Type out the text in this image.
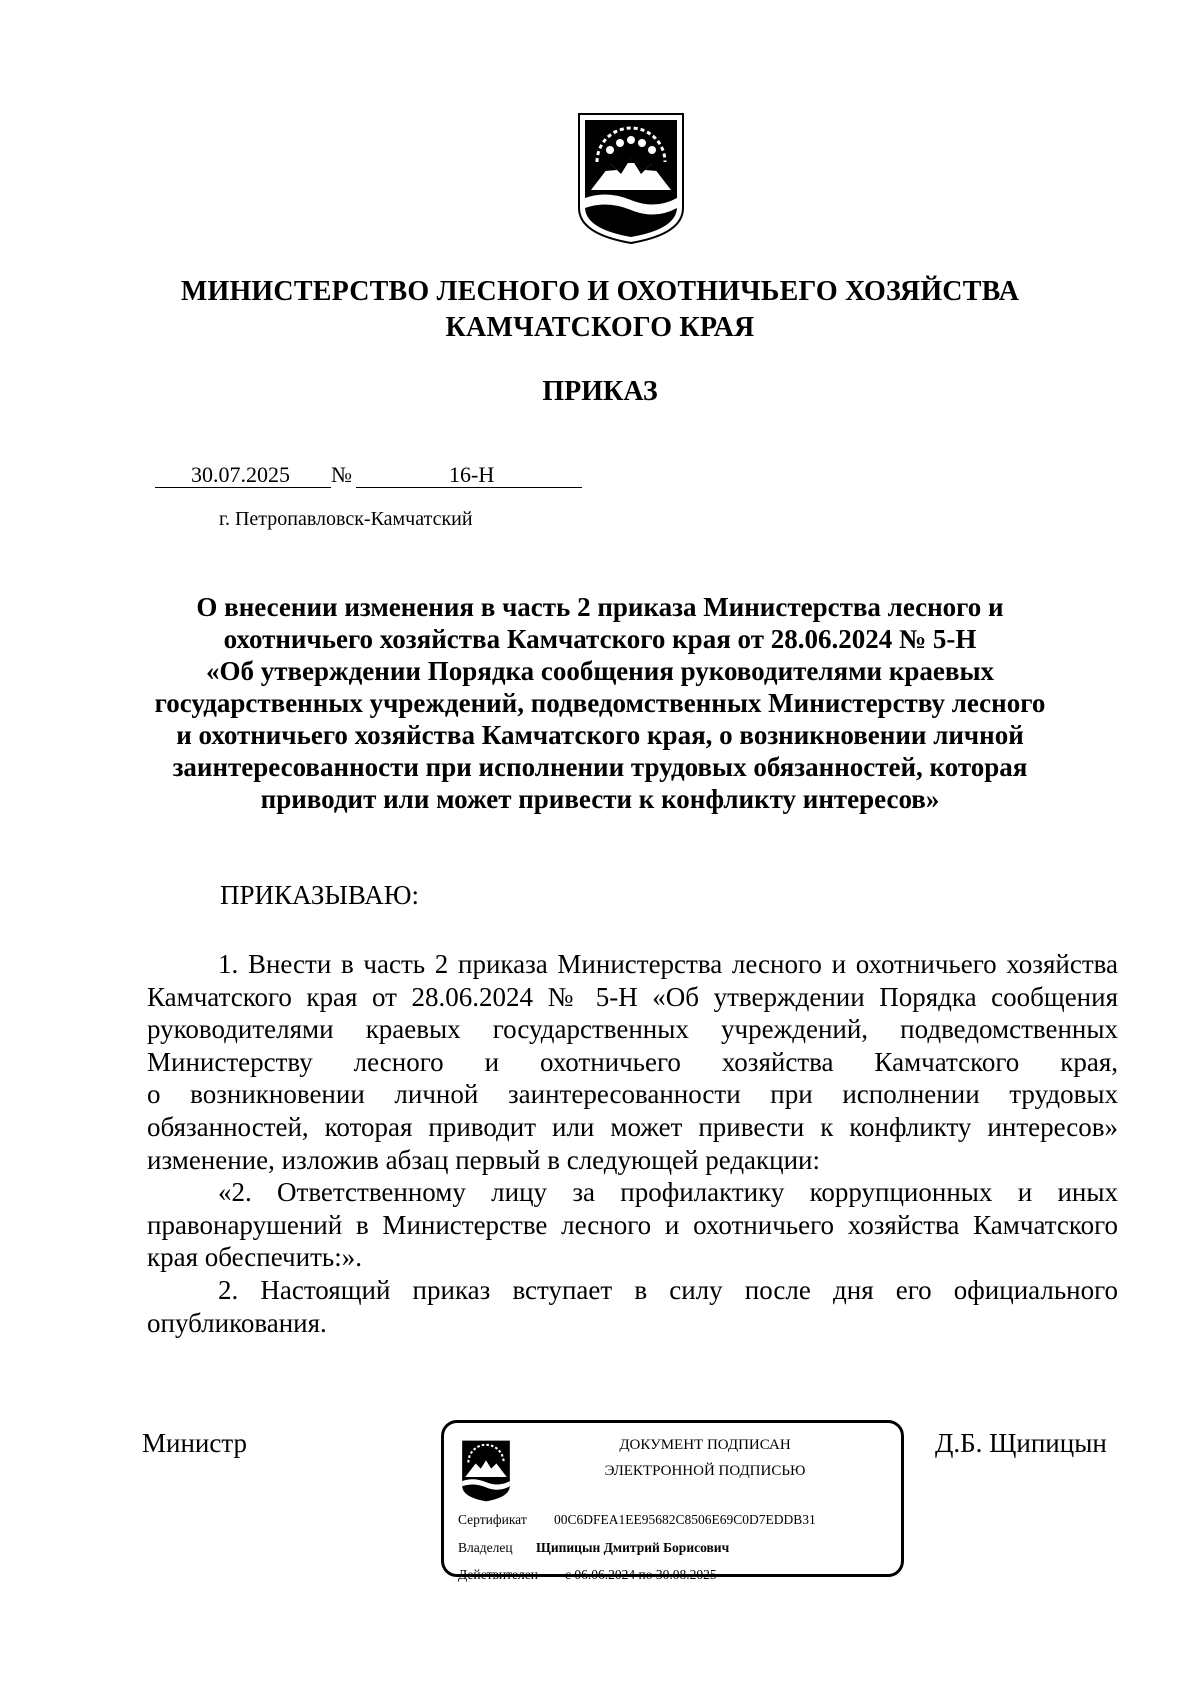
МИНИСТЕРСТВО ЛЕСНОГО И ОХОТНИЧЬЕГО ХОЗЯЙСТВА
КАМЧАТСКОГО КРАЯ
ПРИКАЗ
30.07.2025 №	16-Н
г. Петропавловск-Камчатский
О внесении изменения в часть 2 приказа Министерства лесного и
охотничьего хозяйства Камчатского края от 28.06.2024 № 5-Н
«Об утверждении Порядка сообщения руководителями краевых
государственных учреждений, подведомственных Министерству лесного
и охотничьего хозяйства Камчатского края, о возникновении личной
заинтересованности при исполнении трудовых обязанностей, которая
приводит или может привести к конфликту интересов»
ПРИКАЗЫВАЮ:
1. Внести в часть 2 приказа Министерства лесного и охотничьего хозяйства
Камчатского края от 28.06.2024 № 5-Н «Об утверждении Порядка сообщения
руководителями краевых государственных учреждений, подведомственных
Министерству лесного и охотничьего хозяйства Камчатского края,
о возникновении личной заинтересованности при исполнении трудовых
обязанностей, которая приводит или может привести к конфликту интересов»
изменение, изложив абзац первый в следующей редакции:
«2. Ответственному лицу за профилактику коррупционных и иных
правонарушений в Министерстве лесного и охотничьего хозяйства Камчатского
края обеспечить:».
2. Настоящий приказ вступает в силу после дня его официального
опубликования.
Министр	Д.Б. Щипицын
ДОКУМЕНТ ПОДПИСАН
ЭЛЕКТРОННОЙ ПОДПИСЬЮ
Сертификат 00C6DFEA1EE95682C8506E69C0D7EDDB31
Владелец Щипицын Дмитрий Борисович
Действителен с 06.06.2024 по 30.08.2025
